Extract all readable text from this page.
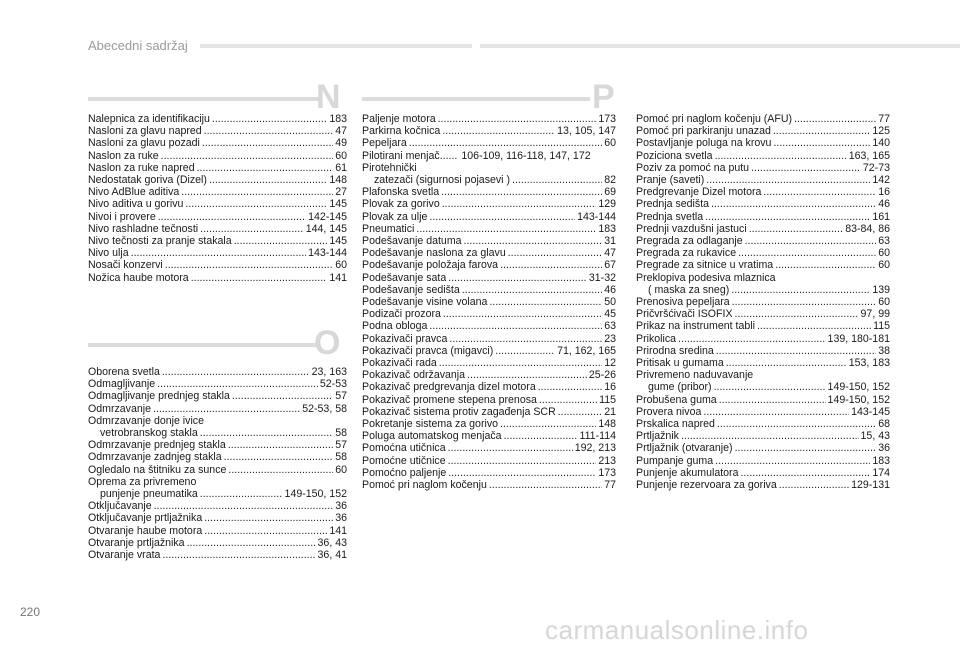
Abecedni sadržaj
N
O
P
Nalepnica za identifikaciju .....	183
Nasloni za glavu napred .....	47
Nasloni za glavu pozadi .....	49
Naslon za ruke .....	60
Naslon za ruke napred .....	61
Nedostatak goriva (Dizel) .....	148
Nivo AdBlue aditiva .....	27
Nivo aditiva u gorivu .....	145
Nivoi i provere .....	142-145
Nivo rashladne tečnosti .....	144, 145
Nivo tečnosti za pranje stakala .....	145
Nivo ulja .....	143-144
Nosači konzervi .....	60
Nožica haube motora .....	141
Oborena svetla .....	23, 163
Odmagljivanje .....	52-53
Odmagljivanje prednjeg stakla .....	57
Odmrzavanje .....	52-53, 58
Odmrzavanje donje ivice
vetrobranskog stakla .....	58
Odmrzavanje prednjeg stakla .....	57
Odmrzavanje zadnjeg stakla .....	58
Ogledalo na štitniku za sunce .....	60
Oprema za privremeno
punjenje pneumatika .....	149-150, 152
Otključavanje .....	36
Otključavanje prtljažnika .....	36
Otvaranje haube motora .....	141
Otvaranje prtljažnika .....	36, 43
Otvaranje vrata .....	36, 41
Paljenje motora .....	173
Parkirna kočnica .....	13, 105, 147
Pepeljara .....	60
Pilotirani menjač...... 106-109, 116-118, 147, 172
Pirotehnički
zatezači (sigurnosi pojasevi ) .....	82
Plafonska svetla .....	69
Plovak za gorivo .....	129
Plovak za ulje .....	143-144
Pneumatici .....	183
Podešavanje datuma .....	31
Podešavanje naslona za glavu .....	47
Podešavanje položaja farova .....	67
Podešavanje sata .....	31-32
Podešavanje sedišta .....	46
Podešavanje visine volana .....	50
Podizači prozora .....	45
Podna obloga .....	63
Pokazivači pravca .....	23
Pokazivači pravca (migavci) .....	71, 162, 165
Pokazivači rada .....	12
Pokazivač održavanja .....	25-26
Pokazivač predgrevanja dizel motora .....	16
Pokazivač promene stepena prenosa .....	115
Pokazivač sistema protiv zagađenja SCR .....	21
Pokretanje sistema za gorivo .....	148
Poluga automatskog menjača .....	111-114
Pomoćna utičnica .....	192, 213
Pomoćne utičnice .....	213
Pomoćno paljenje .....	173
Pomoć pri naglom kočenju .....	77
Pomoć pri naglom kočenju (AFU) .....	77
Pomoć pri parkiranju unazad .....	125
Postavljanje poluga na krovu .....	140
Poziciona svetla .....	163, 165
Poziv za pomoć na putu .....	72-73
Pranje (saveti) .....	142
Predgrevanje Dizel motora .....	16
Prednja sedišta .....	46
Prednja svetla .....	161
Prednji vazdušni jastuci .....	83-84, 86
Pregrada za odlaganje .....	63
Pregrada za rukavice .....	60
Pregrade za sitnice u vratima .....	60
Preklopiva podesiva mlaznica
( maska za sneg) .....	139
Prenosiva pepeljara .....	60
Pričvršćivači ISOFIX .....	97, 99
Prikaz na instrument tabli .....	115
Prikolica .....	139, 180-181
Prirodna sredina .....	38
Pritisak u gumama .....	153, 183
Privremeno naduvavanje
gume (pribor) .....	149-150, 152
Probušena guma .....	149-150, 152
Provera nivoa .....	143-145
Prskalica napred .....	68
Prtljažnik .....	15, 43
Prtljažnik (otvaranje) .....	36
Pumpanje guma .....	183
Punjenje akumulatora .....	174
Punjenje rezervoara za goriva .....	129-131
220
carmanualsonline.info
